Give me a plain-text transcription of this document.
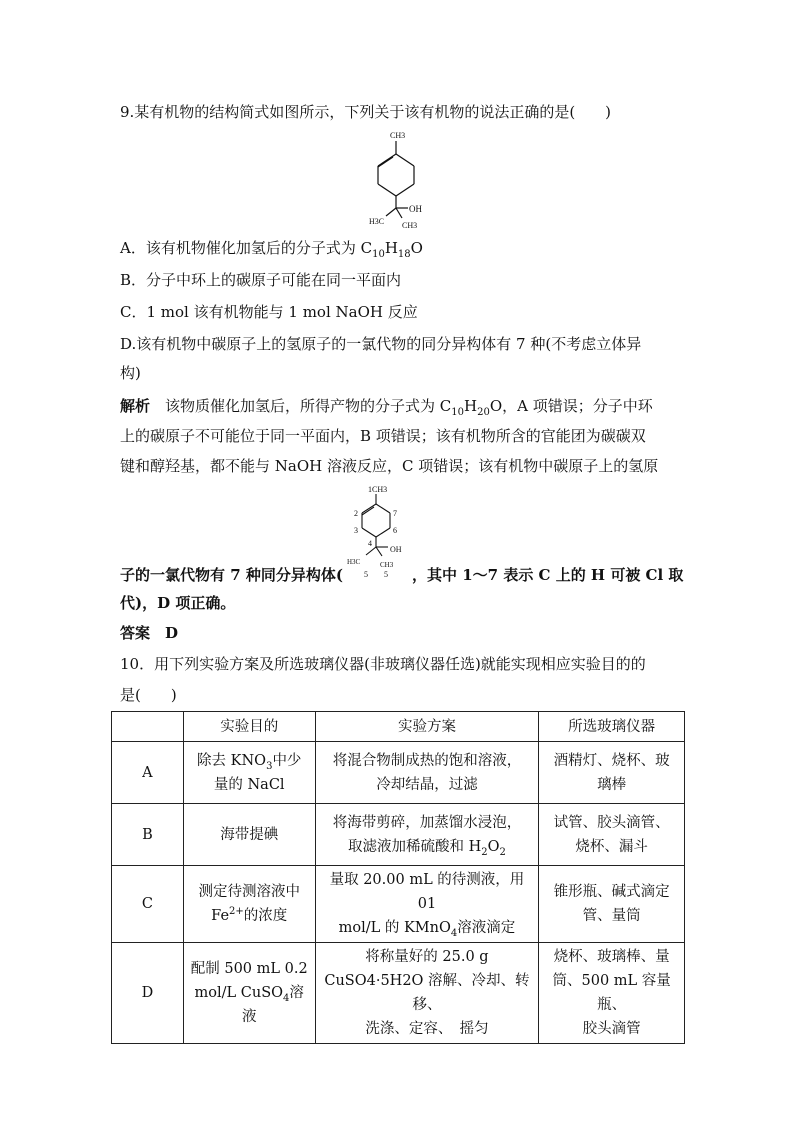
9.某有机物的结构简式如图所示，下列关于该有机物的说法正确的是(　　)
CH3
OH
H3C CH3
A．该有机物催化加氢后的分子式为 $C_{10}H_{18}O$
B．分子中环上的碳原子可能在同一平面内
C．1 mol 该有机物能与 1 mol NaOH 反应
D.该有机物中碳原子上的氢原子的一氯代物的同分异构体有 7 种(不考虑立体异
构)
解析　 该物质催化加氢后，所得产物的分子式为 $C_{10}H_{20}O$，A 项错误；分子中环
上的碳原子不可能位于同一平面内，B 项错误；该有机物所含的官能团为碳碳双
键和醇羟基，都不能与 NaOH 溶液反应，C 项错误；该有机物中碳原子上的氢原
1CH3
2
3
4
6
7
OH
H3C	CH3
5 5
子的一氯代物有 7 种同分异构体(	，其中 1～7 表示 C 上的 H 可被 Cl 取
代)，D 项正确。
答案　D
10．用下列实验方案及所选玻璃仪器(非玻璃仪器任选)就能实现相应实验目的的
是(　　)
	实验目的	实验方案	所选玻璃仪器
A	除去 $KNO_3$中少
量的 NaCl	将混合物制成热的饱和溶液，
冷却结晶，过滤	酒精灯、烧杯、玻
璃棒
B	海带提碘	将海带剪碎，加蒸馏水浸泡，
取滤液加稀硫酸和 $H_2O_2$	试管、胶头滴管、
烧杯、漏斗
C	测定待测溶液中
$Fe^{2+}$的浓度	量取 20.00 mL 的待测液，用 01
mol/L 的 KMnO$_4$溶液滴定	锥形瓶、碱式滴定
管、量筒
D	配制 500 mL 0.2
mol/L CuSO$_4$溶
液	将称量好的 25.0 g
CuSO4·5H2O 溶解、冷却、转移、
洗涤、定容、　摇匀	烧杯、玻璃棒、量
筒、500 mL 容量瓶、
胶头滴管
